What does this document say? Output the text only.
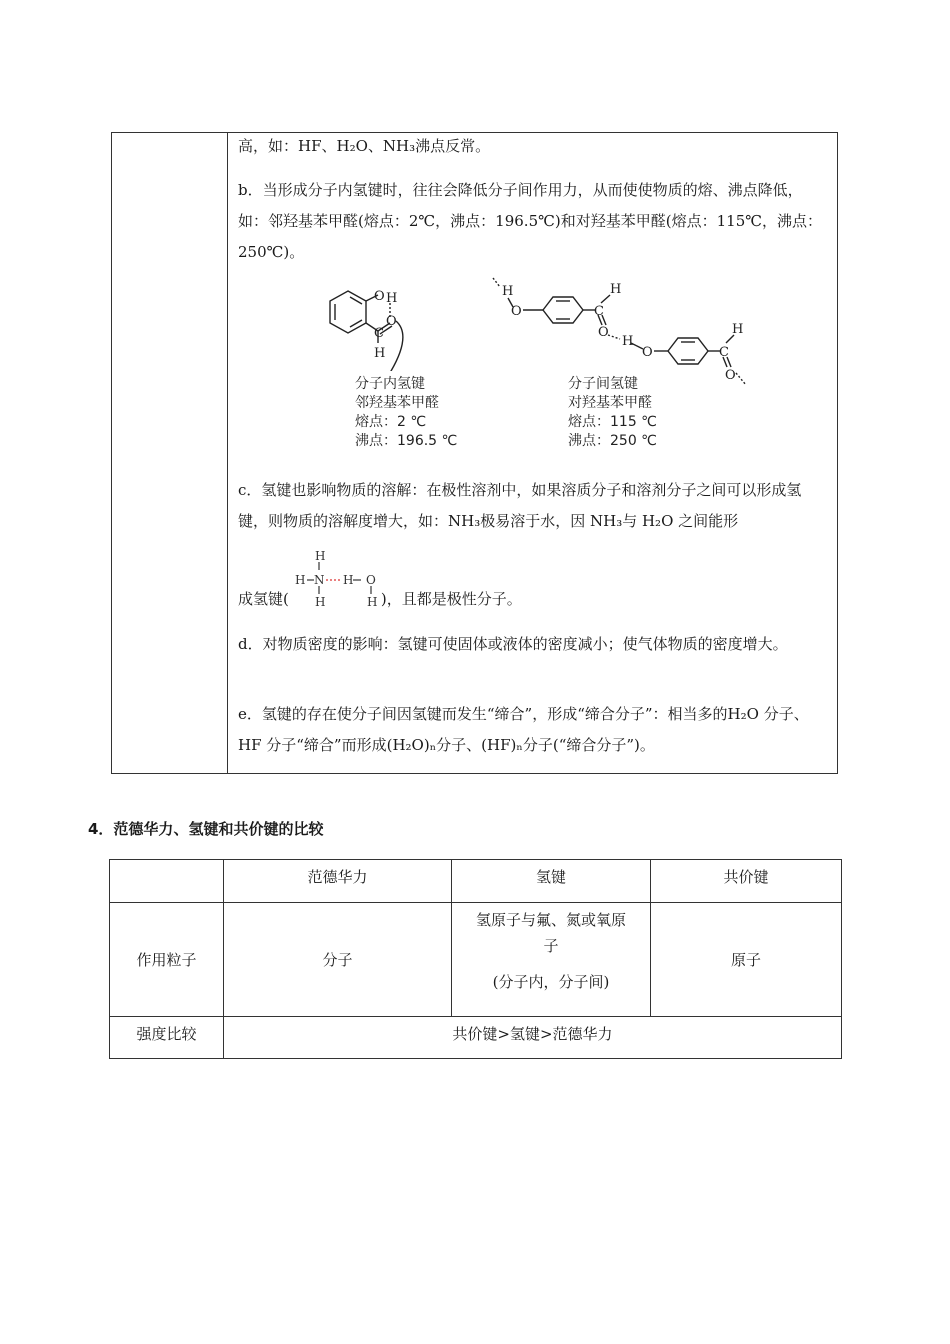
高，如：HF、H₂O、NH₃沸点反常。

b．当形成分子内氢键时，往往会降低分子间作用力，从而使使物质的熔、沸点降低，如：邻羟基苯甲醛(熔点：2℃，沸点：196.5℃)和对羟基苯甲醛(熔点：115℃，沸点：250℃)。

O H
O
C
H
分子内氢键
邻羟基苯甲醛
熔点：2 ℃
沸点：196.5 ℃
H
O
H
C
O
H
O
H
C
O
分子间氢键
对羟基苯甲醛
熔点：115 ℃
沸点：250 ℃

c．氢键也影响物质的溶解：在极性溶剂中，如果溶质分子和溶剂分子之间可以形成氢键，则物质的溶解度增大，如：NH₃极易溶于水，因 NH₃与 H₂O 之间能形

成氢键(
H
H N
H
H O
H )，且都是极性分子。

d．对物质密度的影响：氢键可使固体或液体的密度减小；使气体物质的密度增大。

e．氢键的存在使分子间因氢键而发生“缔合”，形成“缔合分子”：相当多的H₂O 分子、HF 分子“缔合”而形成(H₂O)ₙ分子、(HF)ₙ分子(“缔合分子”)。

4．范德华力、氢键和共价键的比较
	范德华力	氢键	共价键
作用粒子	分子	氢原子与氟、氮或氧原子
(分子内，分子间)	原子
强度比较	共价键>氢键>范德华力		
